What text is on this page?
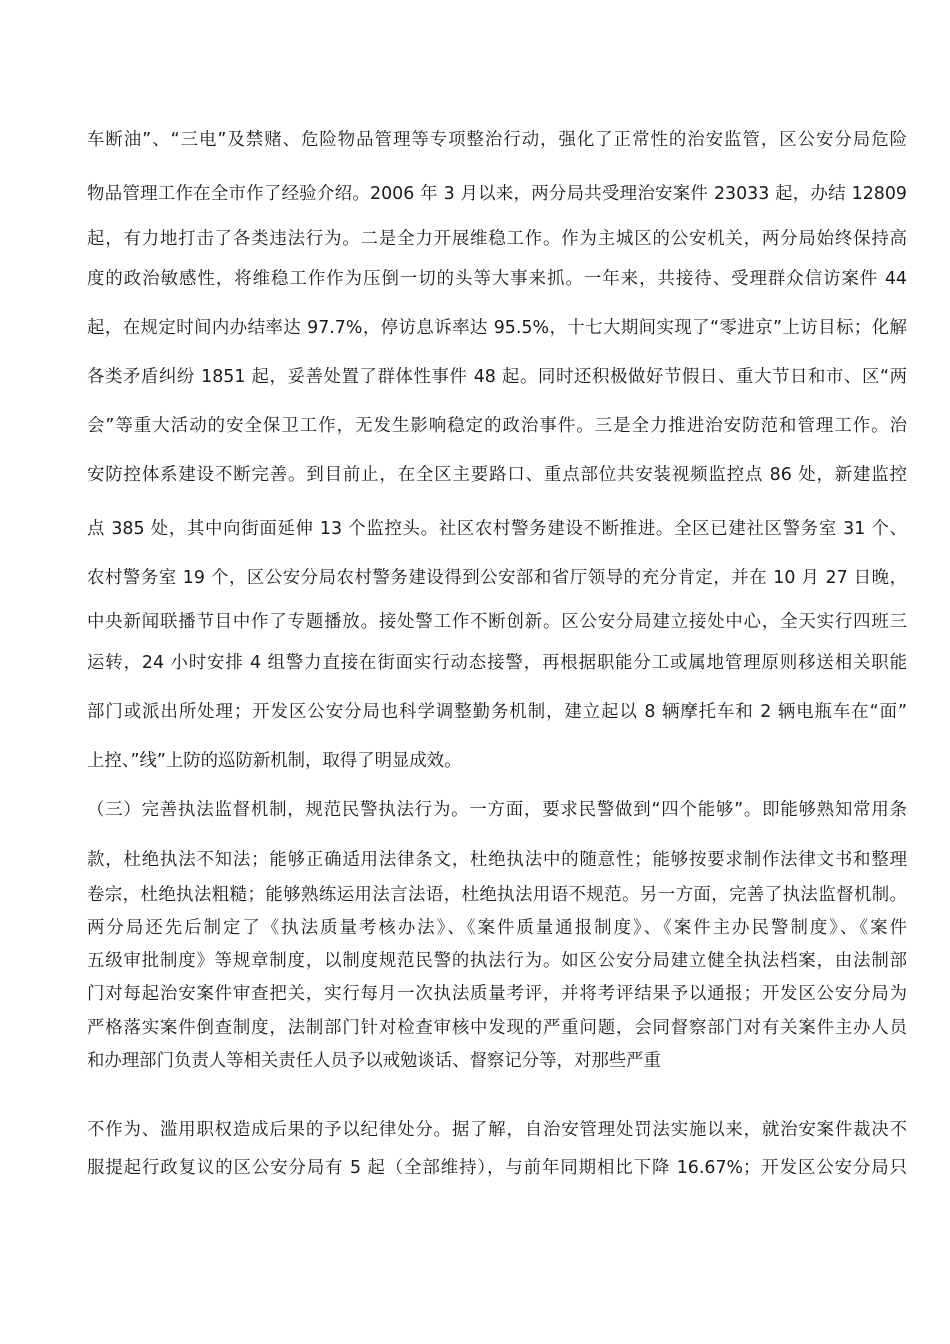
车断油”、“三电”及禁赌、危险物品管理等专项整治行动，强化了正常性的治安监管，区公安分局危险
物品管理工作在全市作了经验介绍。2006 年 3 月以来，两分局共受理治安案件 23033 起，办结 12809
起，有力地打击了各类违法行为。二是全力开展维稳工作。作为主城区的公安机关，两分局始终保持高
度的政治敏感性，将维稳工作作为压倒一切的头等大事来抓。一年来，共接待、受理群众信访案件 44
起，在规定时间内办结率达 97.7%，停访息诉率达 95.5%，十七大期间实现了“零进京”上访目标；化解
各类矛盾纠纷 1851 起，妥善处置了群体性事件 48 起。同时还积极做好节假日、重大节日和市、区“两
会”等重大活动的安全保卫工作，无发生影响稳定的政治事件。三是全力推进治安防范和管理工作。治
安防控体系建设不断完善。到目前止，在全区主要路口、重点部位共安装视频监控点 86 处，新建监控
点 385 处，其中向街面延伸 13 个监控头。社区农村警务建设不断推进。全区已建社区警务室 31 个、
农村警务室 19 个，区公安分局农村警务建设得到公安部和省厅领导的充分肯定，并在 10 月 27 日晚，
中央新闻联播节目中作了专题播放。接处警工作不断创新。区公安分局建立接处中心，全天实行四班三
运转，24 小时安排 4 组警力直接在街面实行动态接警，再根据职能分工或属地管理原则移送相关职能
部门或派出所处理；开发区公安分局也科学调整勤务机制，建立起以 8 辆摩托车和 2 辆电瓶车在“面”
上控、”线”上防的巡防新机制，取得了明显成效。
（三）完善执法监督机制，规范民警执法行为。一方面，要求民警做到“四个能够”。即能够熟知常用条
款，杜绝执法不知法；能够正确适用法律条文，杜绝执法中的随意性；能够按要求制作法律文书和整理
卷宗，杜绝执法粗糙；能够熟练运用法言法语，杜绝执法用语不规范。另一方面，完善了执法监督机制。
两分局还先后制定了《执法质量考核办法》、《案件质量通报制度》、《案件主办民警制度》、《案件
五级审批制度》等规章制度，以制度规范民警的执法行为。如区公安分局建立健全执法档案，由法制部
门对每起治安案件审查把关，实行每月一次执法质量考评，并将考评结果予以通报；开发区公安分局为
严格落实案件倒查制度，法制部门针对检查审核中发现的严重问题，会同督察部门对有关案件主办人员
和办理部门负责人等相关责任人员予以戒勉谈话、督察记分等，对那些严重
不作为、滥用职权造成后果的予以纪律处分。据了解，自治安管理处罚法实施以来，就治安案件裁决不
服提起行政复议的区公安分局有 5 起（全部维持），与前年同期相比下降 16.67%；开发区公安分局只
